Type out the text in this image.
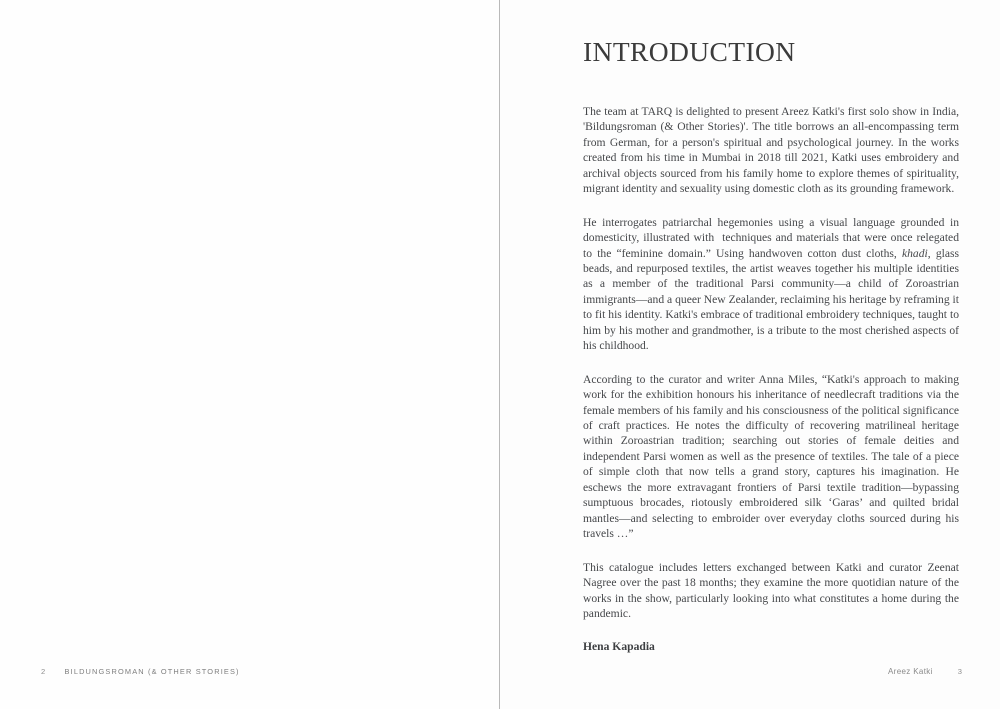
INTRODUCTION

The team at TARQ is delighted to present Areez Katki's first solo show in India, 'Bildungsroman (& Other Stories)'. The title borrows an all-encompassing term from German, for a person's spiritual and psychological journey. In the works created from his time in Mumbai in 2018 till 2021, Katki uses embroidery and archival objects sourced from his family home to explore themes of spirituality, migrant identity and sexuality using domestic cloth as its grounding framework.

He interrogates patriarchal hegemonies using a visual language grounded in domesticity, illustrated with  techniques and materials that were once relegated to the “feminine domain.” Using handwoven cotton dust cloths, khadi, glass beads, and repurposed textiles, the artist weaves together his multiple identities as a member of the traditional Parsi community—a child of Zoroastrian immigrants—and a queer New Zealander, reclaiming his heritage by reframing it to fit his identity. Katki's embrace of traditional embroidery techniques, taught to him by his mother and grandmother, is a tribute to the most cherished aspects of his childhood.

According to the curator and writer Anna Miles, “Katki's approach to making work for the exhibition honours his inheritance of needlecraft traditions via the female members of his family and his consciousness of the political significance of craft practices. He notes the difficulty of recovering matrilineal heritage within Zoroastrian tradition; searching out stories of female deities and independent Parsi women as well as the presence of textiles. The tale of a piece of simple cloth that now tells a grand story, captures his imagination. He eschews the more extravagant frontiers of Parsi textile tradition—bypassing sumptuous brocades, riotously embroidered silk ‘Garas’ and quilted bridal mantles—and selecting to embroider over everyday cloths sourced during his travels …”

This catalogue includes letters exchanged between Katki and curator Zeenat Nagree over the past 18 months; they examine the more quotidian nature of the works in the show, particularly looking into what constitutes a home during the pandemic.

Hena Kapadia

2	BILDUNGSROMAN (& OTHER STORIES)	Areez Katki	3
